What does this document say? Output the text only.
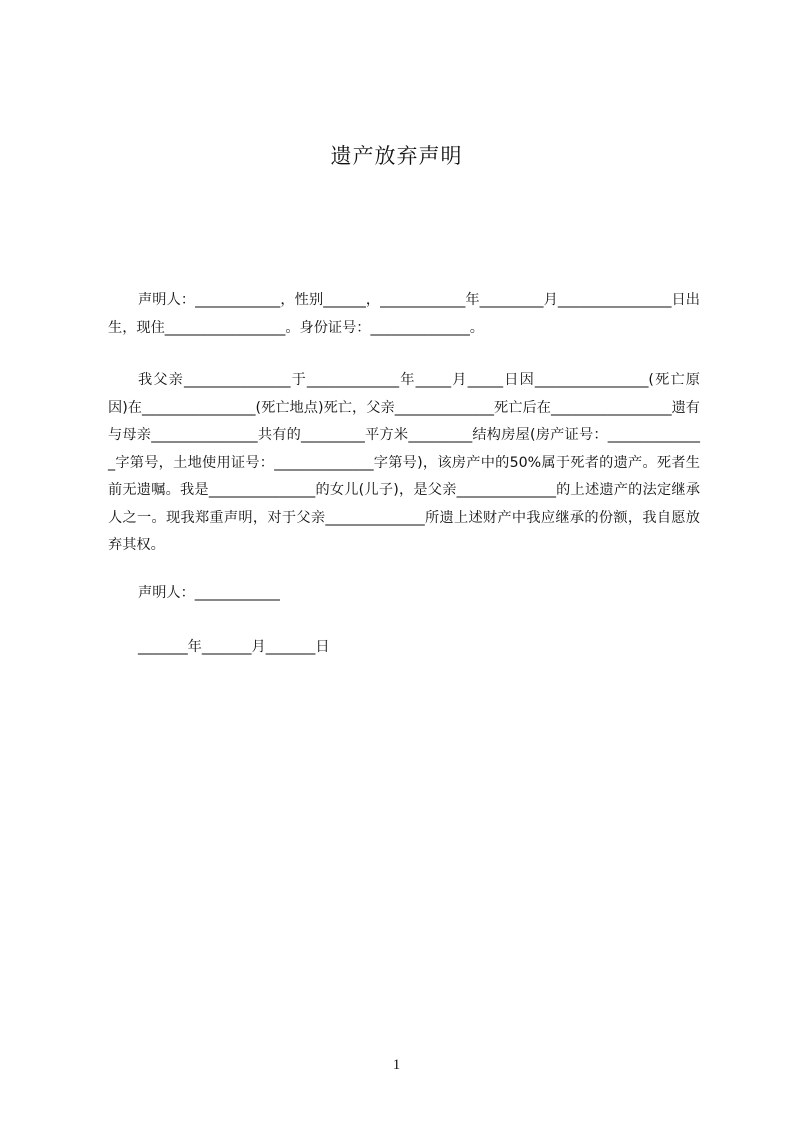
遗产放弃声明

声明人：____________，性别______，____________年_________月________________日出生，现住_________________。身份证号：______________。

我父亲_______________于_____________年_____月_____日因________________(死亡原因)在________________(死亡地点)死亡，父亲______________死亡后在_________________遗有与母亲_______________共有的_________平方米_________结构房屋(房产证号：______________字第号，土地使用证号：______________字第号)，该房产中的50%属于死者的遗产。死者生前无遗嘱。我是_______________的女儿(儿子)，是父亲______________的上述遗产的法定继承人之一。现我郑重声明，对于父亲______________所遗上述财产中我应继承的份额，我自愿放弃其权。

声明人：____________

_______年_______月_______日

1
